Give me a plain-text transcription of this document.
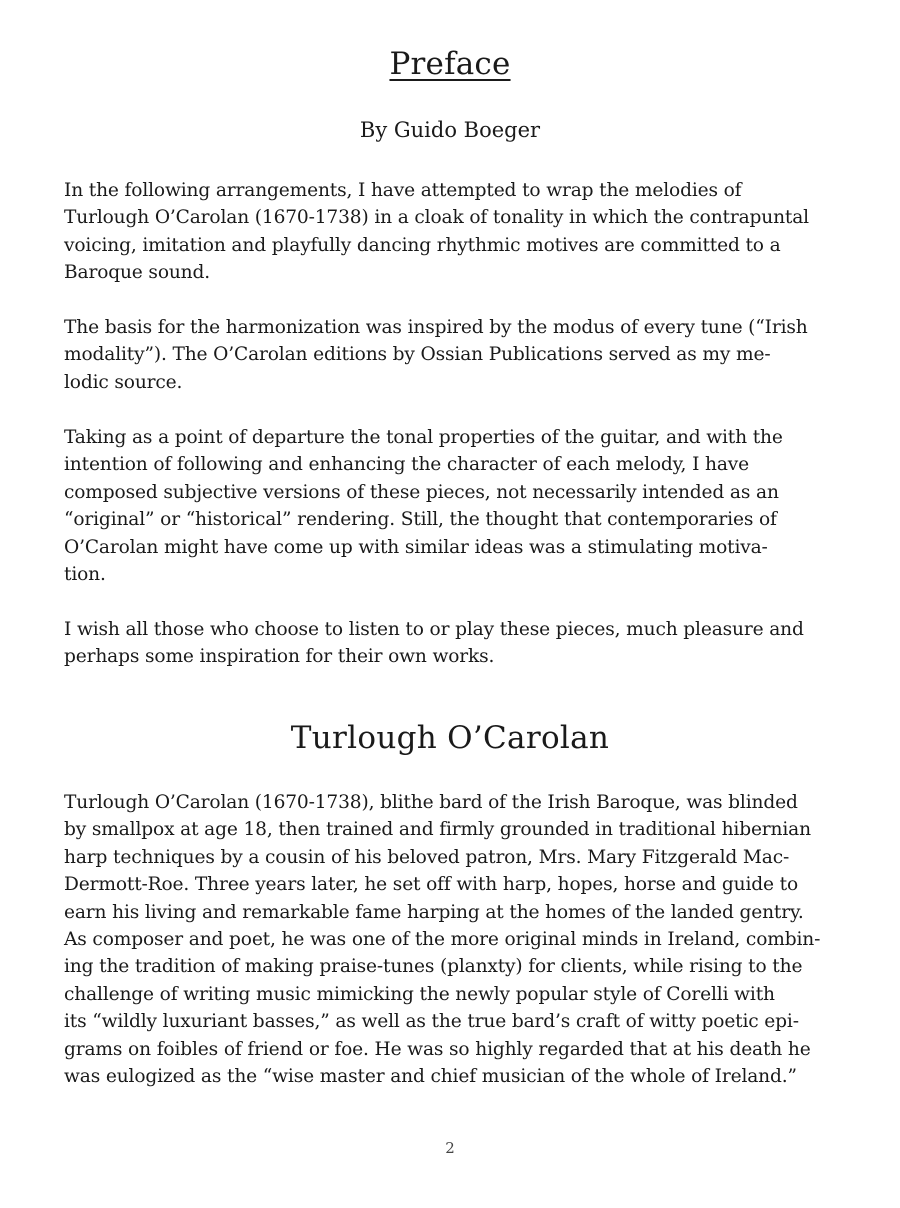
Preface

By Guido Boeger

In the following arrangements, I have attempted to wrap the melodies of
Turlough O’Carolan (1670-1738) in a cloak of tonality in which the contrapuntal
voicing, imitation and playfully dancing rhythmic motives are committed to a
Baroque sound.

The basis for the harmonization was inspired by the modus of every tune (“Irish
modality”). The O’Carolan editions by Ossian Publications served as my me-
lodic source.

Taking as a point of departure the tonal properties of the guitar, and with the
intention of following and enhancing the character of each melody, I have
composed subjective versions of these pieces, not necessarily intended as an
“original” or “historical” rendering. Still, the thought that contemporaries of
O’Carolan might have come up with similar ideas was a stimulating motiva-
tion.

I wish all those who choose to listen to or play these pieces, much pleasure and
perhaps some inspiration for their own works.

Turlough O’Carolan

Turlough O’Carolan (1670-1738), blithe bard of the Irish Baroque, was blinded
by smallpox at age 18, then trained and firmly grounded in traditional hibernian
harp techniques by a cousin of his beloved patron, Mrs. Mary Fitzgerald Mac-
Dermott-Roe. Three years later, he set off with harp, hopes, horse and guide to
earn his living and remarkable fame harping at the homes of the landed gentry.
As composer and poet, he was one of the more original minds in Ireland, combin-
ing the tradition of making praise-tunes (planxty) for clients, while rising to the
challenge of writing music mimicking the newly popular style of Corelli with
its “wildly luxuriant basses,” as well as the true bard’s craft of witty poetic epi-
grams on foibles of friend or foe. He was so highly regarded that at his death he
was eulogized as the “wise master and chief musician of the whole of Ireland.”

2
